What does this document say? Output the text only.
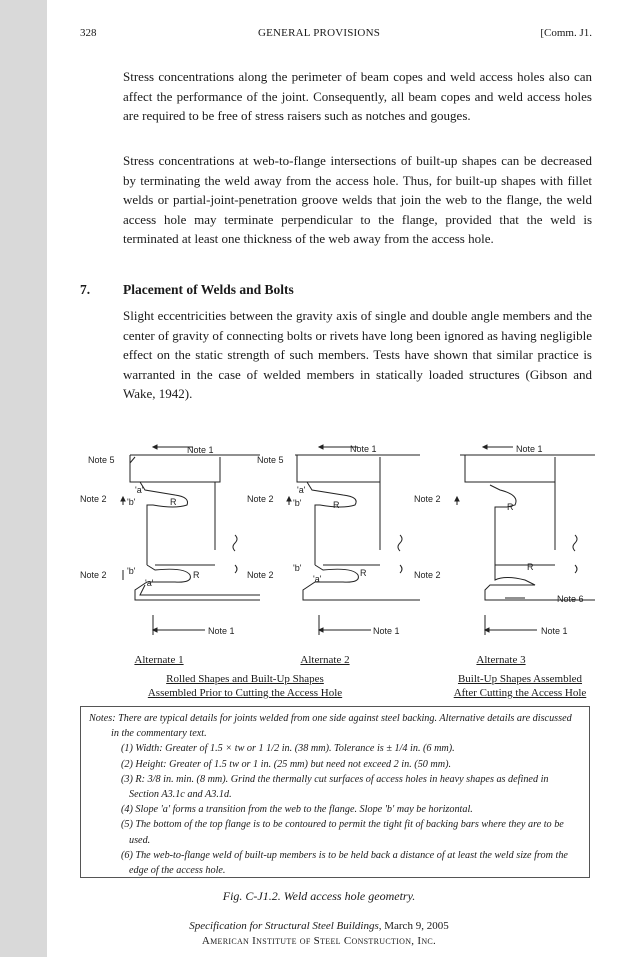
GENERAL PROVISIONS
328	[Comm. J1.

Stress concentrations along the perimeter of beam copes and weld access holes also can affect the performance of the joint. Consequently, all beam copes and weld access holes are required to be free of stress raisers such as notches and gouges.

Stress concentrations at web-to-flange intersections of built-up shapes can be decreased by terminating the weld away from the access hole. Thus, for built-up shapes with fillet welds or partial-joint-penetration groove welds that join the web to the flange, the weld access hole may terminate perpendicular to the flange, provided that the weld is terminated at least one thickness of the web away from the access hole.

7. Placement of Welds and Bolts

Slight eccentricities between the gravity axis of single and double angle members and the center of gravity of connecting bolts or rivets have long been ignored as having negligible effect on the static strength of such members. Tests have shown that similar practice is warranted in the case of welded members in statically loaded structures (Gibson and Wake, 1942).

Note 1
Note 5
Note 2
Note 2
R
R
'a'
'b'
'b'
'a'
Note 1
Note 1
Note 5
Note 2
Note 2
R
R
'a'
'b'
'b'
'a'
Note 1
Note 1
Note 2
Note 2
R
R
Note 6
Note 1
Alternate 1	Alternate 2	Alternate 3
Rolled Shapes and Built-Up Shapes
Assembled Prior to Cutting the Access Hole
Built-Up Shapes Assembled
After Cutting the Access Hole

Notes: There are typical details for joints welded from one side against steel backing. Alternative details are discussed in the commentary text.

(1) Width: Greater of 1.5 × tw or 1 1/2 in. (38 mm). Tolerance is ± 1/4 in. (6 mm).

(2) Height: Greater of 1.5 tw or 1 in. (25 mm) but need not exceed 2 in. (50 mm).

(3) R: 3/8 in. min. (8 mm). Grind the thermally cut surfaces of access holes in heavy shapes as defined in Section A3.1c and A3.1d.

(4) Slope 'a' forms a transition from the web to the flange. Slope 'b' may be horizontal.

(5) The bottom of the top flange is to be contoured to permit the tight fit of backing bars where they are to be used.

(6) The web-to-flange weld of built-up members is to be held back a distance of at least the weld size from the edge of the access hole.

Fig. C-J1.2. Weld access hole geometry.
Specification for Structural Steel Buildings, March 9, 2005
American Institute of Steel Construction, Inc.
